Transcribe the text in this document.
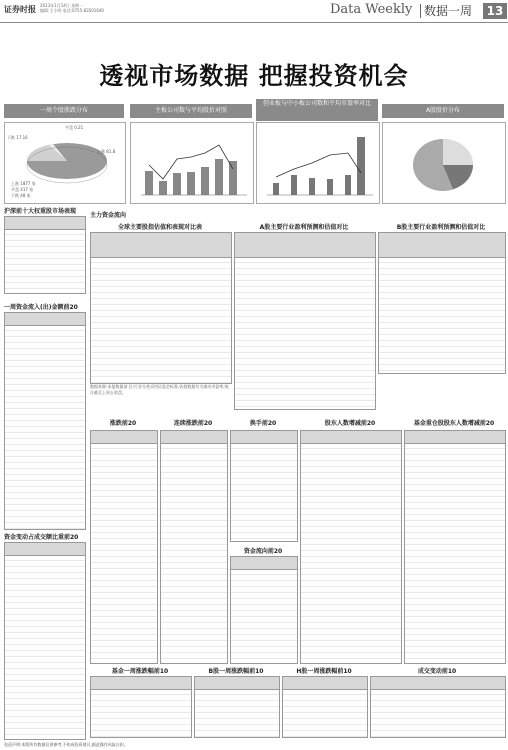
证券时报 2013年1月14日 星期一
编辑:王小明 电话:0755-83501640	Data Weekly 数据一周	13
透视市场数据 把握投资机会
一周个股涨跌分布	主板公司数与平均股价对照
创业板与中小板公司数和平均市盈率对比
A股股价分布
平盘 0.21
下跌 17.16
上涨 81.8
上涨 1877 家
平盘 417 家
下跌 48 家
沪深前十大权重股市场表现
一周资金流入(出)金额前20
资金变动占成交额比重前20
主力资金流向
全球主要股指估值和表现对比表
数据来源:本报数据部 注:行业分类采用证监会标准,估值数据均为滚动市盈率,统计截至上周五收盘。
A股主要行业盈利预测和估值对比	B股主要行业盈利预测和估值对比
涨跌前20	连续涨跌前20	换手前20
资金流向前20
股东人数增减前20	基金重仓股股东人数增减前20
基金一周涨跌幅前10	B股一周涨跌幅前10	H股一周涨跌幅前10	成交变动前10
免责声明:本版所有数据仅供参考,不构成投资建议,据此操作风险自担。
